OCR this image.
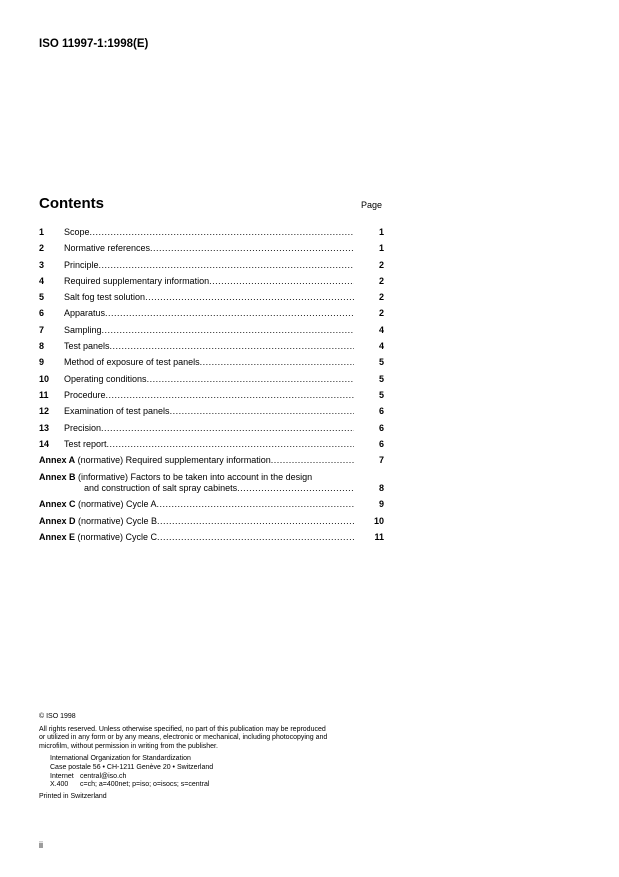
ISO 11997-1:1998(E)
Contents	Page
1	Scope .....	1
2	Normative references .....	1
3	Principle .....	2
4	Required supplementary information .....	2
5	Salt fog test solution .....	2
6	Apparatus .....	2
7	Sampling .....	4
8	Test panels .....	4
9	Method of exposure of test panels .....	5
10	Operating conditions .....	5
11	Procedure .....	5
12	Examination of test panels .....	6
13	Precision .....	6
14	Test report .....	6
Annex A (normative) Required supplementary information .....	7
Annex B (informative) Factors to be taken into account in the design
and construction of salt spray cabinets .....	8
Annex C (normative) Cycle A .....	9
Annex D (normative) Cycle B .....	10
Annex E (normative) Cycle C .....	11
© ISO 1998
All rights reserved. Unless otherwise specified, no part of this publication may be reproduced
or utilized in any form or by any means, electronic or mechanical, including photocopying and
microfilm, without permission in writing from the publisher.
International Organization for Standardization
Case postale 56 • CH-1211 Genève 20 • Switzerland
Internet central@iso.ch
X.400	c=ch; a=400net; p=iso; o=isocs; s=central
Printed in Switzerland
ii
